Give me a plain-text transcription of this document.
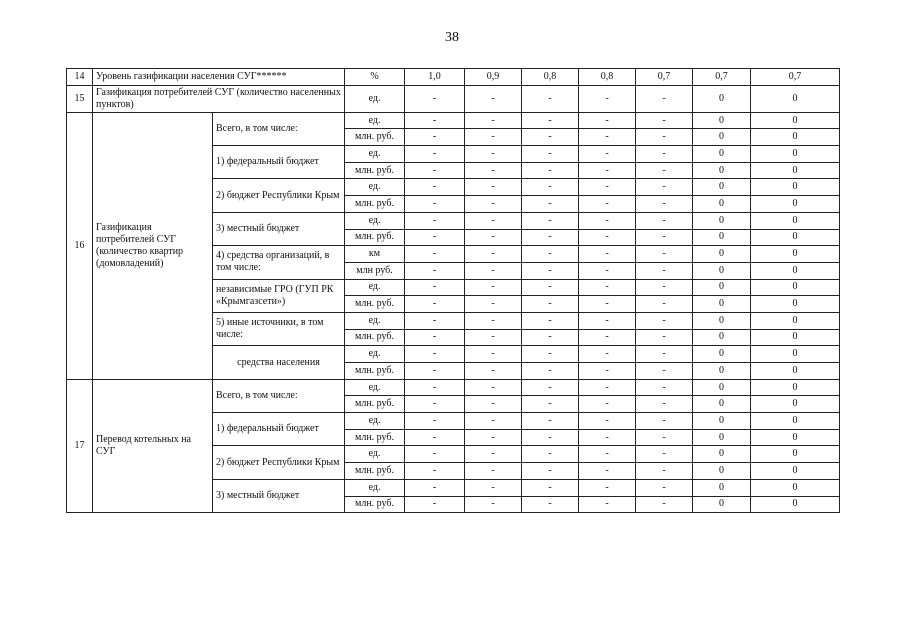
38
14	Уровень газификации населения СУГ******		%	1,0	0,9	0,8	0,8	0,7	0,7	0,7
15	Газификация потребителей СУГ (количество населенных пунктов)		ед.	-	-	-	-	-	0	0
16	Газификация потребителей СУГ (количество квартир (домовладений)	Всего, в том числе:	ед.	-	-	-	-	-	0	0
			млн. руб.	-	-	-	-	-	0	0
		1) федеральный бюджет	ед.	-	-	-	-	-	0	0
			млн. руб.	-	-	-	-	-	0	0
		2) бюджет Республики Крым	ед.	-	-	-	-	-	0	0
			млн. руб.	-	-	-	-	-	0	0
		3) местный бюджет	ед.	-	-	-	-	-	0	0
			млн. руб.	-	-	-	-	-	0	0
		4) средства организаций, в том числе:	км	-	-	-	-	-	0	0
			млн руб.	-	-	-	-	-	0	0
		независимые ГРО (ГУП РК «Крымгазсети»)	ед.	-	-	-	-	-	0	0
			млн. руб.	-	-	-	-	-	0	0
		5) иные источники, в том числе:	ед.	-	-	-	-	-	0	0
			млн. руб.	-	-	-	-	-	0	0
		средства населения	ед.	-	-	-	-	-	0	0
			млн. руб.	-	-	-	-	-	0	0
17	Перевод котельных на СУГ	Всего, в том числе:	ед.	-	-	-	-	-	0	0
			млн. руб.	-	-	-	-	-	0	0
		1) федеральный бюджет	ед.	-	-	-	-	-	0	0
			млн. руб.	-	-	-	-	-	0	0
		2) бюджет Республики Крым	ед.	-	-	-	-	-	0	0
			млн. руб.	-	-	-	-	-	0	0
		3) местный бюджет	ед.	-	-	-	-	-	0	0
			млн. руб.	-	-	-	-	-	0	0
